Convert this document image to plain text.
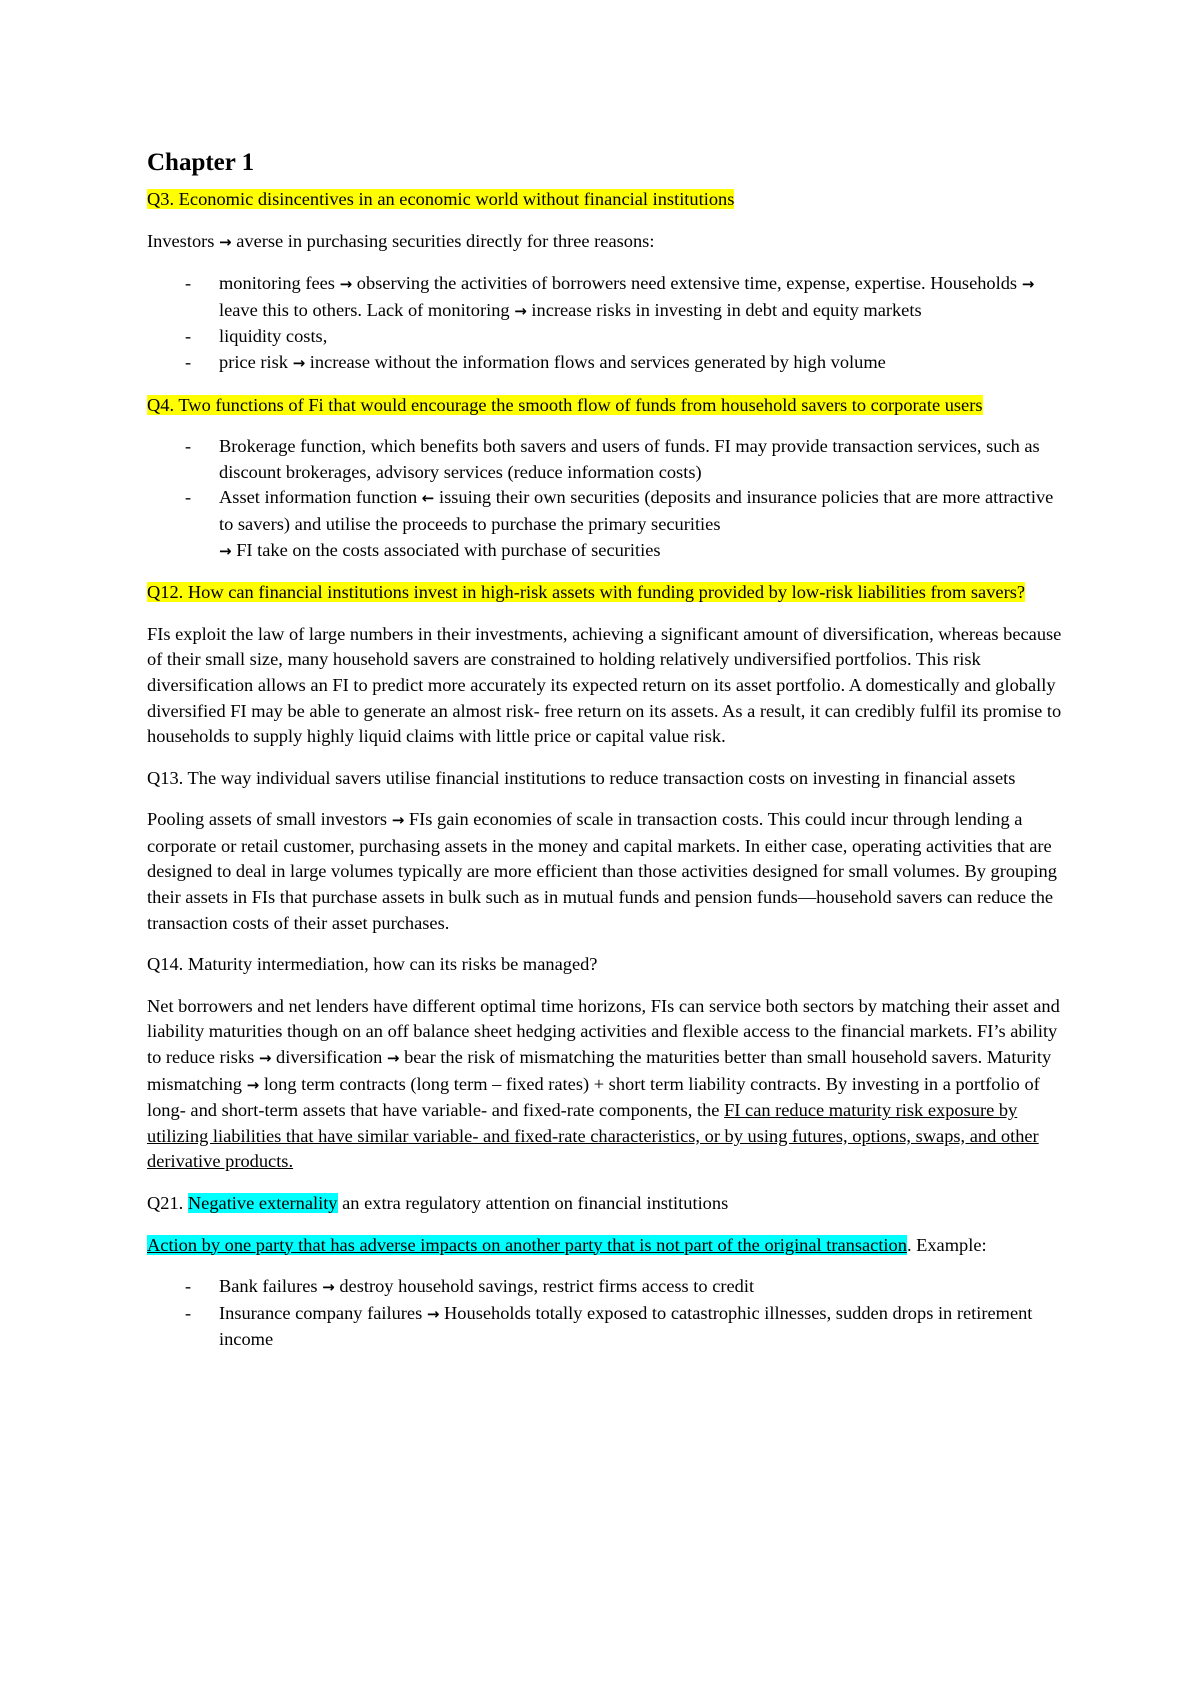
Chapter 1

Q3. Economic disincentives in an economic world without financial institutions

Investors → averse in purchasing securities directly for three reasons:

- monitoring fees → observing the activities of borrowers need extensive time, expense, expertise. Households → leave this to others. Lack of monitoring → increase risks in investing in debt and equity markets
- liquidity costs,
- price risk → increase without the information flows and services generated by high volume

Q4. Two functions of Fi that would encourage the smooth flow of funds from household savers to corporate users

- Brokerage function, which benefits both savers and users of funds. FI may provide transaction services, such as discount brokerages, advisory services (reduce information costs)
- Asset information function ← issuing their own securities (deposits and insurance policies that are more attractive to savers) and utilise the proceeds to purchase the primary securities
→ FI take on the costs associated with purchase of securities

Q12. How can financial institutions invest in high-risk assets with funding provided by low-risk liabilities from savers?

FIs exploit the law of large numbers in their investments, achieving a significant amount of diversification, whereas because of their small size, many household savers are constrained to holding relatively undiversified portfolios. This risk diversification allows an FI to predict more accurately its expected return on its asset portfolio. A domestically and globally diversified FI may be able to generate an almost risk- free return on its assets. As a result, it can credibly fulfil its promise to households to supply highly liquid claims with little price or capital value risk.

Q13. The way individual savers utilise financial institutions to reduce transaction costs on investing in financial assets

Pooling assets of small investors → FIs gain economies of scale in transaction costs. This could incur through lending a corporate or retail customer, purchasing assets in the money and capital markets. In either case, operating activities that are designed to deal in large volumes typically are more efficient than those activities designed for small volumes. By grouping their assets in FIs that purchase assets in bulk such as in mutual funds and pension funds—household savers can reduce the transaction costs of their asset purchases.

Q14. Maturity intermediation, how can its risks be managed?

Net borrowers and net lenders have different optimal time horizons, FIs can service both sectors by matching their asset and liability maturities though on an off balance sheet hedging activities and flexible access to the financial markets. FI’s ability to reduce risks → diversification → bear the risk of mismatching the maturities better than small household savers. Maturity mismatching → long term contracts (long term – fixed rates) + short term liability contracts. By investing in a portfolio of long- and short-term assets that have variable- and fixed-rate components, the FI can reduce maturity risk exposure by utilizing liabilities that have similar variable- and fixed-rate characteristics, or by using futures, options, swaps, and other derivative products.

Q21. Negative externality an extra regulatory attention on financial institutions

Action by one party that has adverse impacts on another party that is not part of the original transaction. Example:

- Bank failures → destroy household savings, restrict firms access to credit
- Insurance company failures → Households totally exposed to catastrophic illnesses, sudden drops in retirement income
